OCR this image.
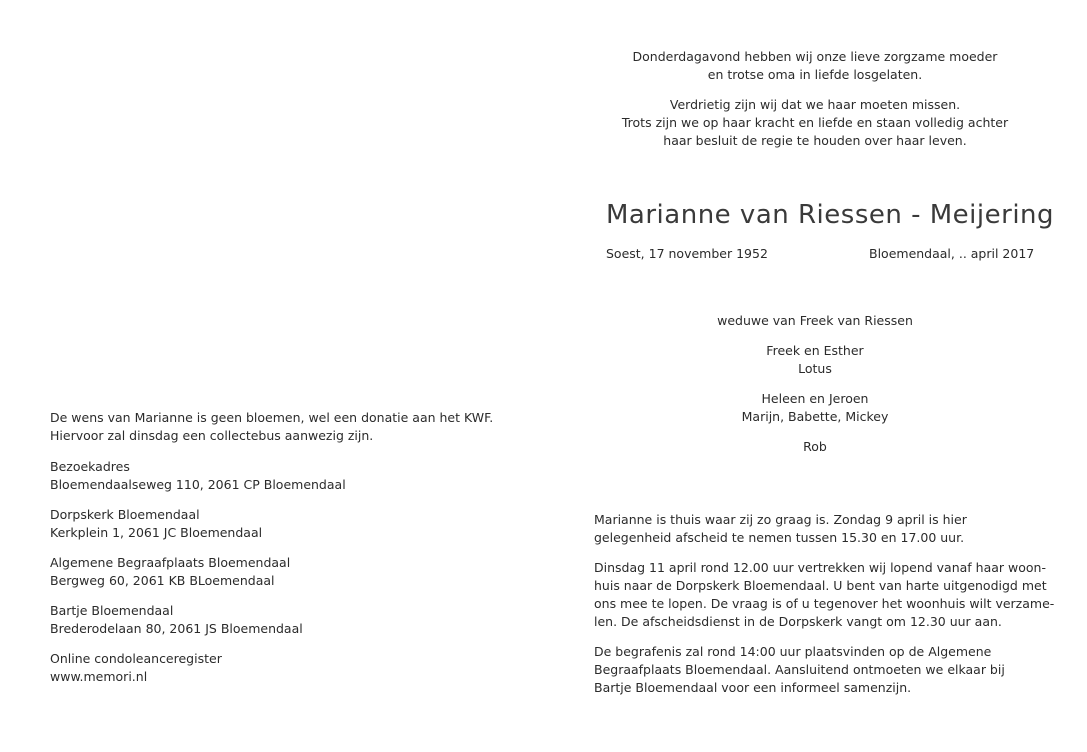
De wens van Marianne is geen bloemen, wel een donatie aan het KWF.
Hiervoor zal dinsdag een collectebus aanwezig zijn.
Bezoekadres
Bloemendaalseweg 110, 2061 CP Bloemendaal
Dorpskerk Bloemendaal
Kerkplein 1, 2061 JC Bloemendaal
Algemene Begraafplaats Bloemendaal
Bergweg 60, 2061 KB BLoemendaal
Bartje Bloemendaal
Brederodelaan 80, 2061 JS Bloemendaal
Online condoleanceregister
www.memori.nl
Donderdagavond hebben wij onze lieve zorgzame moeder
en trotse oma in liefde losgelaten.
Verdrietig zijn wij dat we haar moeten missen.
Trots zijn we op haar kracht en liefde en staan volledig achter
haar besluit de regie te houden over haar leven.
Marianne van Riessen - Meijering
Soest, 17 november 1952	Bloemendaal, .. april 2017
weduwe van Freek van Riessen
Freek en Esther
Lotus
Heleen en Jeroen
Marijn, Babette, Mickey
Rob
Marianne is thuis waar zij zo graag is. Zondag 9 april is hier
gelegenheid afscheid te nemen tussen 15.30 en 17.00 uur.
Dinsdag 11 april rond 12.00 uur vertrekken wij lopend vanaf haar woon-
huis naar de Dorpskerk Bloemendaal. U bent van harte uitgenodigd met
ons mee te lopen. De vraag is of u tegenover het woonhuis wilt verzame-
len. De afscheidsdienst in de Dorpskerk vangt om 12.30 uur aan.
De begrafenis zal rond 14:00 uur plaatsvinden op de Algemene
Begraafplaats Bloemendaal. Aansluitend ontmoeten we elkaar bij
Bartje Bloemendaal voor een informeel samenzijn.
